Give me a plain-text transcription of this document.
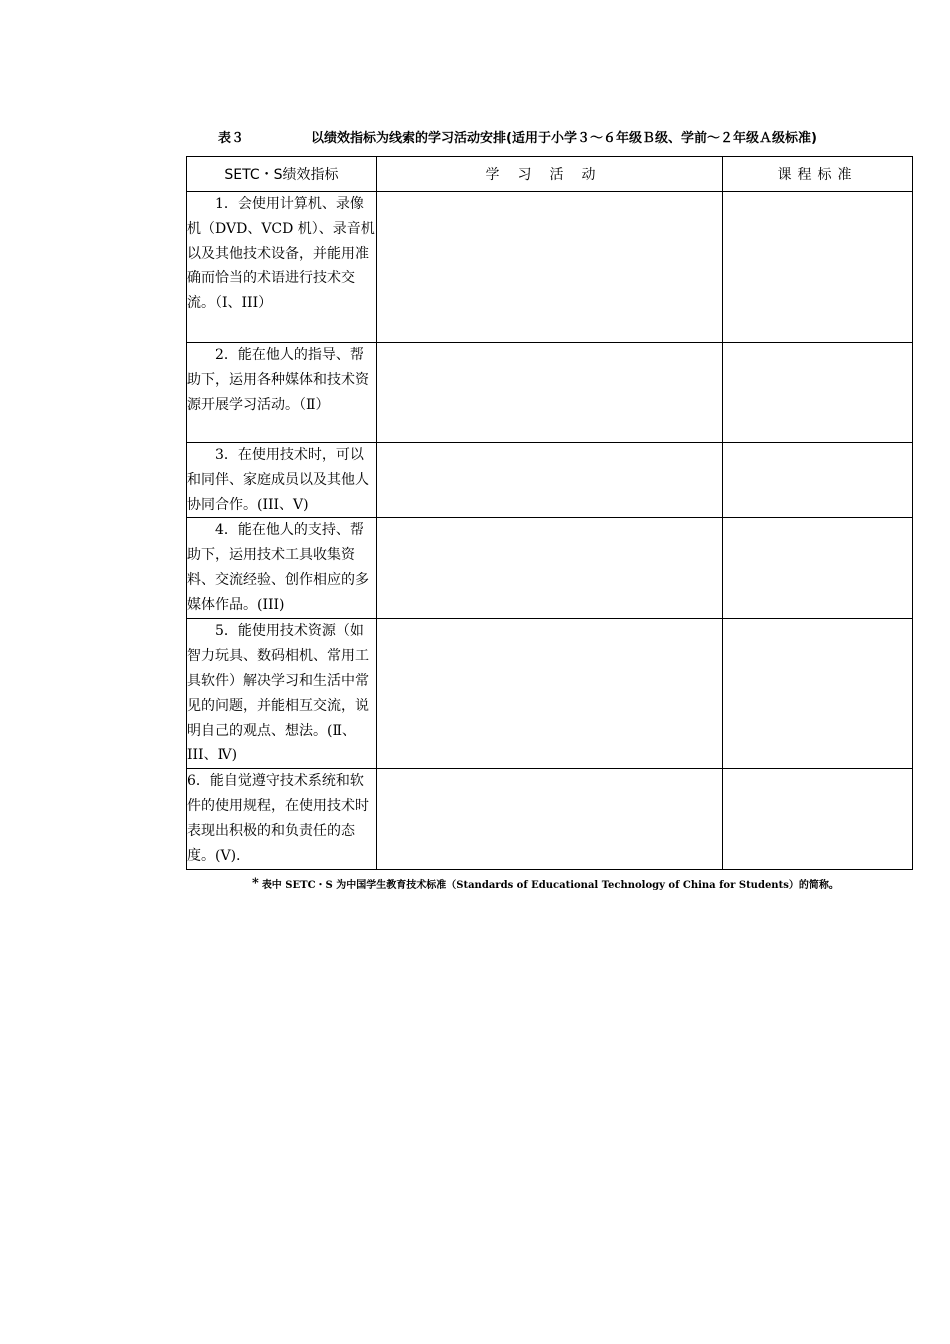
表３	以绩效指标为线索的学习活动安排(适用于小学３～６年级Ｂ级、学前～２年级Ａ级标准)
SETC・S绩效指标	学习活动	课程标准

1．会使用计算机、录像机（DVD、VCD 机）、录音机以及其他技术设备，并能用准确而恰当的术语进行技术交流。（Ⅰ、III）		

2．能在他人的指导、帮助下，运用各种媒体和技术资源开展学习活动。（Ⅱ）		

3．在使用技术时，可以和同伴、家庭成员以及其他人协同合作。(III、Ⅴ)		

4．能在他人的支持、帮助下，运用技术工具收集资料、交流经验、创作相应的多媒体作品。(III)		

5．能使用技术资源（如智力玩具、数码相机、常用工具软件）解决学习和生活中常见的问题，并能相互交流，说明自己的观点、想法。(Ⅱ、III、Ⅳ)		

6．能自觉遵守技术系统和软件的使用规程，在使用技术时表现出积极的和负责任的态度。(Ⅴ).		

* 表中 SETC・S 为中国学生教育技术标准（Standards of Educational Technology of China for Students）的简称。
